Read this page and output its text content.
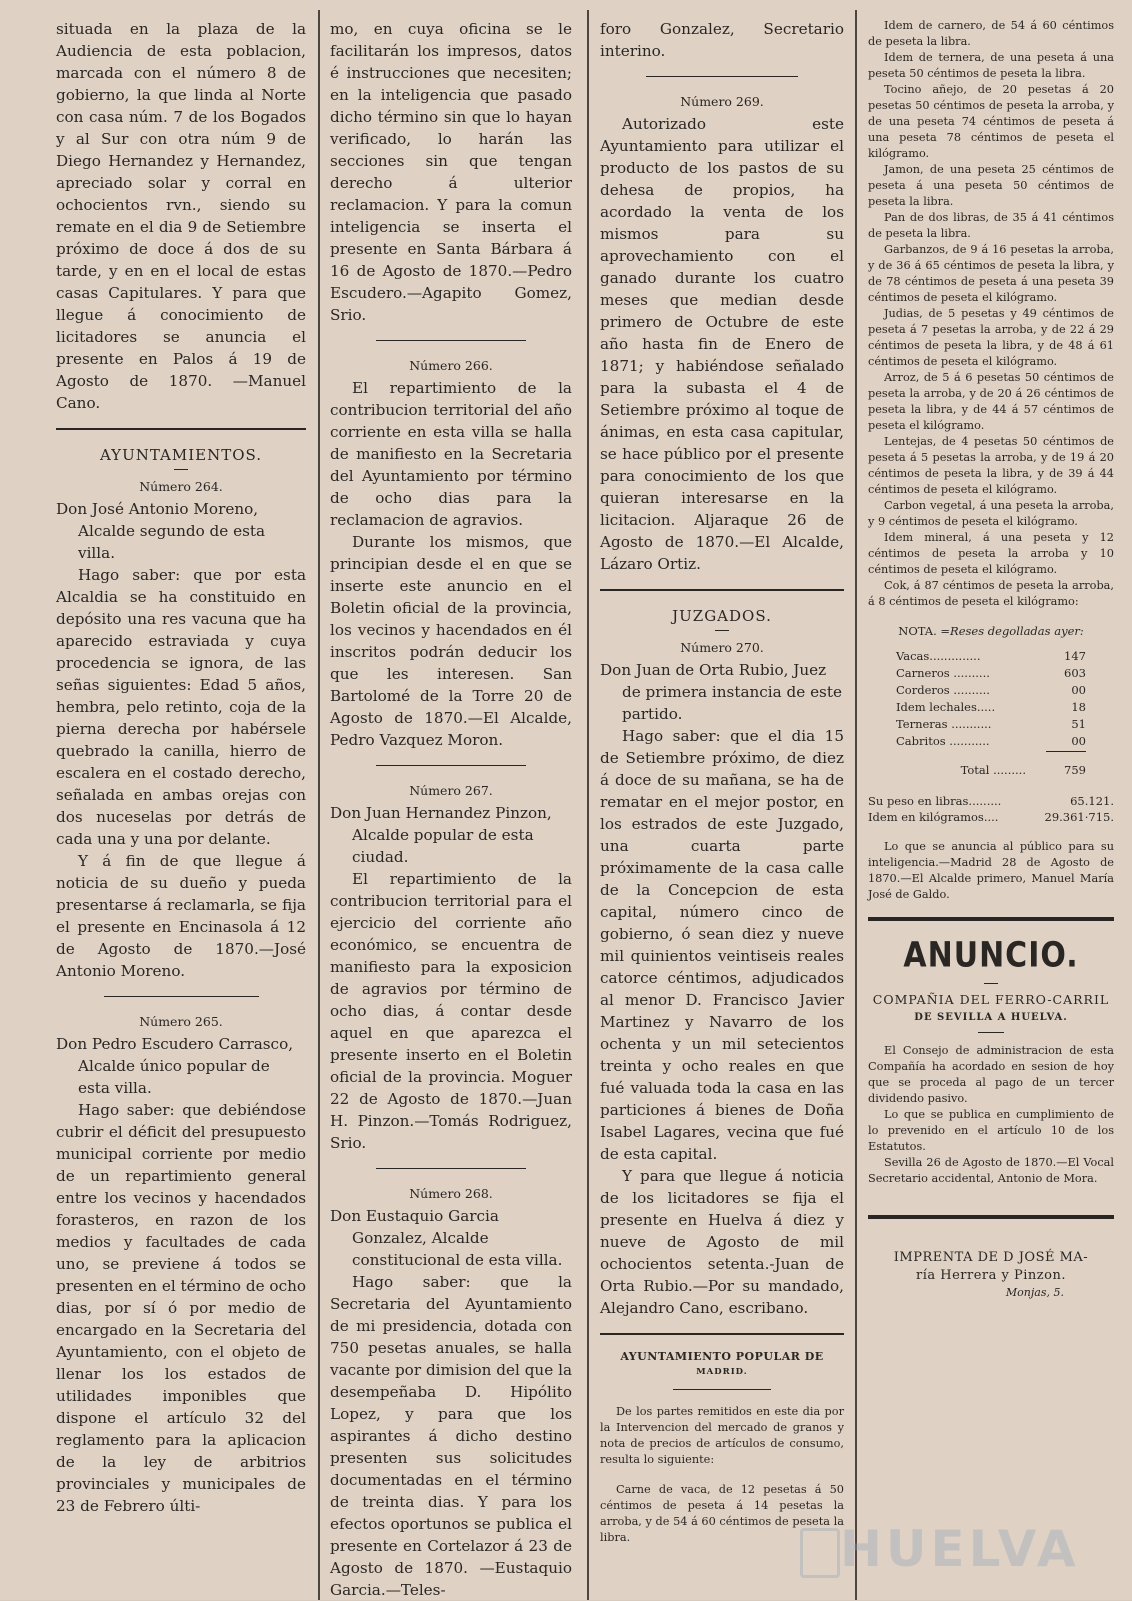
situada en la plaza de la Audiencia de esta poblacion, marcada con el número 8 de gobierno, la que linda al Norte con casa núm. 7 de los Bogados y al Sur con otra núm 9 de Diego Hernandez y Hernandez, apreciado solar y corral en ochocientos rvn., siendo su remate en el dia 9 de Setiembre próximo de doce á dos de su tarde, y en en el local de estas casas Capitulares. Y para que llegue á conocimiento de licitadores se anuncia el presente en Palos á 19 de Agosto de 1870. —Manuel Cano.

AYUNTAMIENTOS.
Número 264.
Don José Antonio Moreno, Alcalde segundo de esta villa.

Hago saber: que por esta Alcaldia se ha constituido en depósito una res vacuna que ha aparecido estraviada y cuya procedencia se ignora, de las señas siguientes: Edad 5 años, hembra, pelo retinto, coja de la pierna derecha por habérsele quebrado la canilla, hierro de escalera en el costado derecho, señalada en ambas orejas con dos nuceselas por detrás de cada una y una por delante.

Y á fin de que llegue á noticia de su dueño y pueda presentarse á reclamarla, se fija el presente en Encinasola á 12 de Agosto de 1870.—José Antonio Moreno.

Número 265.
Don Pedro Escudero Carrasco, Alcalde único popular de esta villa.

Hago saber: que debiéndose cubrir el déficit del presupuesto municipal corriente por medio de un repartimiento general entre los vecinos y hacendados forasteros, en razon de los medios y facultades de cada uno, se previene á todos se presenten en el término de ocho dias, por sí ó por medio de encargado en la Secretaria del Ayuntamiento, con el objeto de llenar los los estados de utilidades imponibles que dispone el artículo 32 del reglamento para la aplicacion de la ley de arbitrios provinciales y municipales de 23 de Febrero últi-

mo, en cuya oficina se le facilitarán los impresos, datos é instrucciones que necesiten; en la inteligencia que pasado dicho término sin que lo hayan verificado, lo harán las secciones sin que tengan derecho á ulterior reclamacion. Y para la comun inteligencia se inserta el presente en Santa Bárbara á 16 de Agosto de 1870.—Pedro Escudero.—Agapito Gomez, Srio.

Número 266.

El repartimiento de la contribucion territorial del año corriente en esta villa se halla de manifiesto en la Secretaria del Ayuntamiento por término de ocho dias para la reclamacion de agravios.

Durante los mismos, que principian desde el en que se inserte este anuncio en el Boletin oficial de la provincia, los vecinos y hacendados en él inscritos podrán deducir los que les interesen. San Bartolomé de la Torre 20 de Agosto de 1870.—El Alcalde, Pedro Vazquez Moron.

Número 267.
Don Juan Hernandez Pinzon, Alcalde popular de esta ciudad.

El repartimiento de la contribucion territorial para el ejercicio del corriente año económico, se encuentra de manifiesto para la exposicion de agravios por término de ocho dias, á contar desde aquel en que aparezca el presente inserto en el Boletin oficial de la provincia. Moguer 22 de Agosto de 1870.—Juan H. Pinzon.—Tomás Rodriguez, Srio.

Número 268.
Don Eustaquio Garcia Gonzalez, Alcalde constitucional de esta villa.

Hago saber: que la Secretaria del Ayuntamiento de mi presidencia, dotada con 750 pesetas anuales, se halla vacante por dimision del que la desempeñaba D. Hipólito Lopez, y para que los aspirantes á dicho destino presenten sus solicitudes documentadas en el término de treinta dias. Y para los efectos oportunos se publica el presente en Cortelazor á 23 de Agosto de 1870. —Eustaquio Garcia.—Teles-

foro Gonzalez, Secretario interino.

Número 269.

Autorizado este Ayuntamiento para utilizar el producto de los pastos de su dehesa de propios, ha acordado la venta de los mismos para su aprovechamiento con el ganado durante los cuatro meses que median desde primero de Octubre de este año hasta fin de Enero de 1871; y habiéndose señalado para la subasta el 4 de Setiembre próximo al toque de ánimas, en esta casa capitular, se hace público por el presente para conocimiento de los que quieran interesarse en la licitacion. Aljaraque 26 de Agosto de 1870.—El Alcalde, Lázaro Ortiz.

JUZGADOS.
Número 270.
Don Juan de Orta Rubio, Juez de primera instancia de este partido.

Hago saber: que el dia 15 de Setiembre próximo, de diez á doce de su mañana, se ha de rematar en el mejor postor, en los estrados de este Juzgado, una cuarta parte próximamente de la casa calle de la Concepcion de esta capital, número cinco de gobierno, ó sean diez y nueve mil quinientos veintiseis reales catorce céntimos, adjudicados al menor D. Francisco Javier Martinez y Navarro de los ochenta y un mil setecientos treinta y ocho reales en que fué valuada toda la casa en las particiones á bienes de Doña Isabel Lagares, vecina que fué de esta capital.

Y para que llegue á noticia de los licitadores se fija el presente en Huelva á diez y nueve de Agosto de mil ochocientos setenta.-Juan de Orta Rubio.—Por su mandado, Alejandro Cano, escribano.

AYUNTAMIENTO POPULAR DE
MADRID.

De los partes remitidos en este dia por la Intervencion del mercado de granos y nota de precios de artículos de consumo, resulta lo siguiente:

Carne de vaca, de 12 pesetas á 50 céntimos de peseta á 14 pesetas la arroba, y de 54 á 60 céntimos de peseta la libra.

Idem de carnero, de 54 á 60 céntimos de peseta la libra.

Idem de ternera, de una peseta á una peseta 50 céntimos de peseta la libra.

Tocino añejo, de 20 pesetas á 20 pesetas 50 céntimos de peseta la arroba, y de una peseta 74 céntimos de peseta á una peseta 78 céntimos de peseta el kilógramo.

Jamon, de una peseta 25 céntimos de peseta á una peseta 50 céntimos de peseta la libra.

Pan de dos libras, de 35 á 41 céntimos de peseta la libra.

Garbanzos, de 9 á 16 pesetas la arroba, y de 36 á 65 céntimos de peseta la libra, y de 78 céntimos de peseta á una peseta 39 céntimos de peseta el kilógramo.

Judias, de 5 pesetas y 49 céntimos de peseta á 7 pesetas la arroba, y de 22 á 29 céntimos de peseta la libra, y de 48 á 61 céntimos de peseta el kilógramo.

Arroz, de 5 á 6 pesetas 50 céntimos de peseta la arroba, y de 20 á 26 céntimos de peseta la libra, y de 44 á 57 céntimos de peseta el kilógramo.

Lentejas, de 4 pesetas 50 céntimos de peseta á 5 pesetas la arroba, y de 19 á 20 céntimos de peseta la libra, y de 39 á 44 céntimos de peseta el kilógramo.

Carbon vegetal, á una peseta la arroba, y 9 céntimos de peseta el kilógramo.

Idem mineral, á una peseta y 12 céntimos de peseta la arroba y 10 céntimos de peseta el kilógramo.

Cok, á 87 céntimos de peseta la arroba, á 8 céntimos de peseta el kilógramo:

NOTA. =Reses degolladas ayer:
Vacas..............	147
Carneros ..........	603
Corderos ..........	00
Idem lechales.....	18
Terneras ...........	51
Cabritos ...........	00

Total .........	759
Su peso en libras.........	65.121.
Idem en kilógramos....	29.361·715.

Lo que se anuncia al público para su inteligencia.—Madrid 28 de Agosto de 1870.—El Alcalde primero, Manuel María José de Galdo.

ANUNCIO.
COMPAÑIA DEL FERRO-CARRIL
DE SEVILLA A HUELVA.

El Consejo de administracion de esta Compañía ha acordado en sesion de hoy que se proceda al pago de un tercer dividendo pasivo.

Lo que se publica en cumplimiento de lo prevenido en el artículo 10 de los Estatutos.

Sevilla 26 de Agosto de 1870.—El Vocal Secretario accidental, Antonio de Mora.

IMPRENTA DE D JOSÉ MA-
ría Herrera y Pinzon.
Monjas, 5.
HUELVA
